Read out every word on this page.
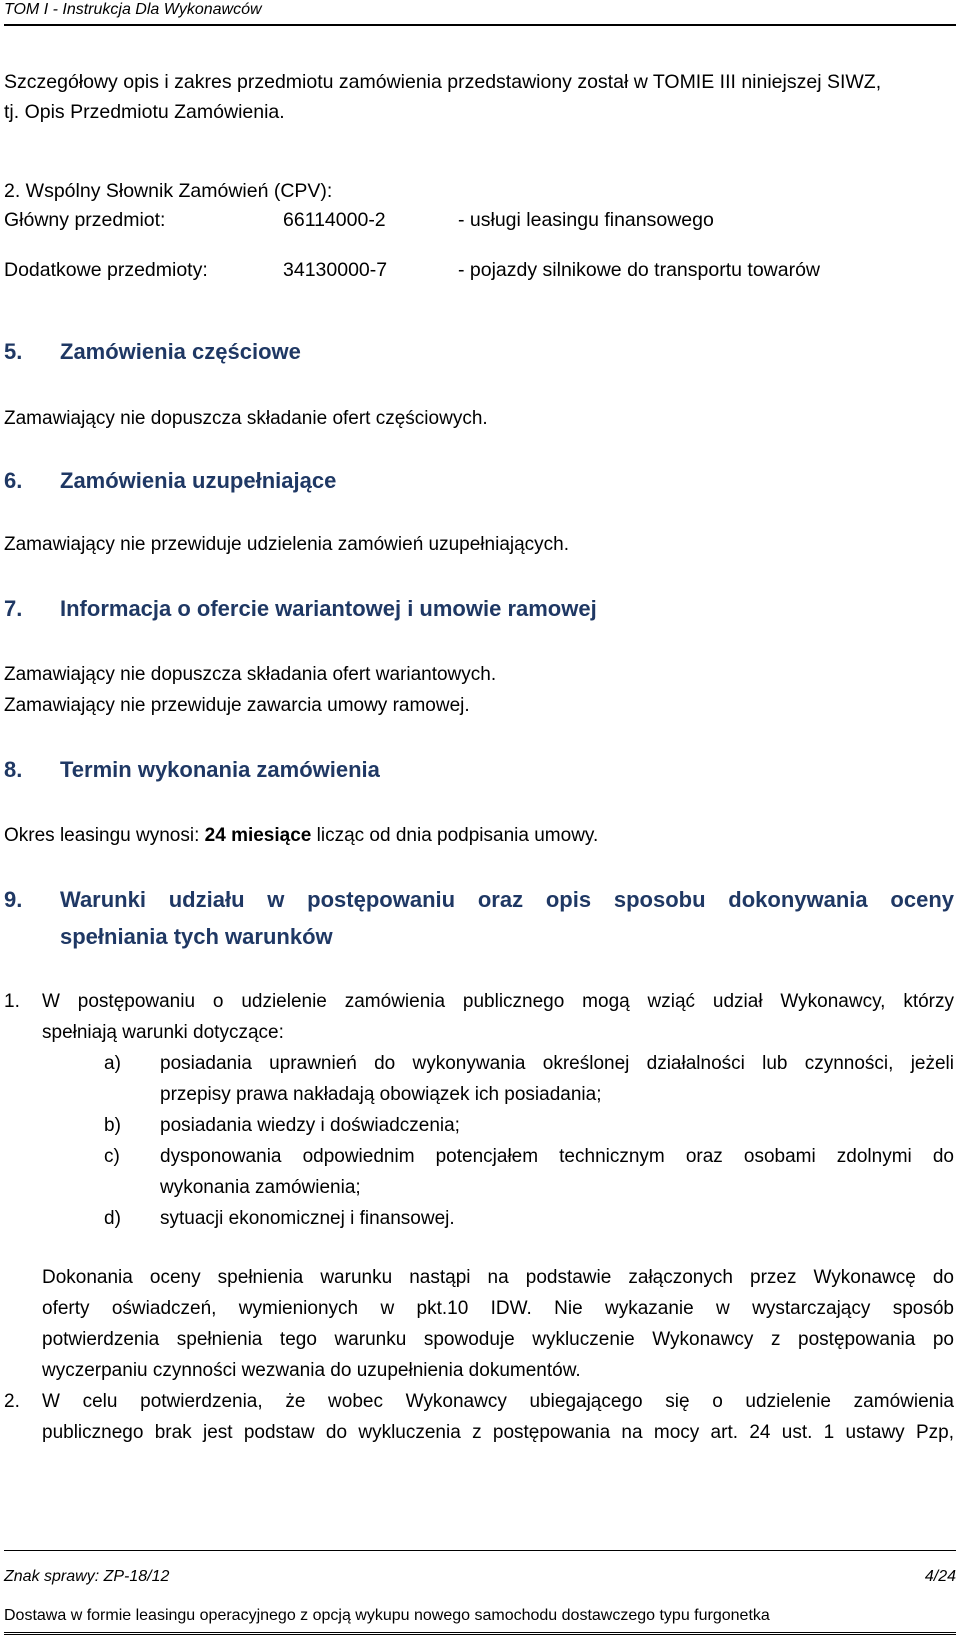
TOM I - Instrukcja Dla Wykonawców
Szczegółowy opis i zakres przedmiotu zamówienia przedstawiony został w TOMIE III niniejszej SIWZ,
tj. Opis Przedmiotu Zamówienia.
2. Wspólny Słownik Zamówień (CPV):
Główny przedmiot:	66114000-2	- usługi leasingu finansowego
Dodatkowe przedmioty:	34130000-7	- pojazdy silnikowe do transportu towarów
5. Zamówienia częściowe
Zamawiający nie dopuszcza składanie ofert częściowych.
6. Zamówienia uzupełniające
Zamawiający nie przewiduje udzielenia zamówień uzupełniających.
7. Informacja o ofercie wariantowej i umowie ramowej
Zamawiający nie dopuszcza składania ofert wariantowych.
Zamawiający nie przewiduje zawarcia umowy ramowej.
8. Termin wykonania zamówienia
Okres leasingu wynosi: 24 miesiące licząc od dnia podpisania umowy.
9. Warunki udziału w postępowaniu oraz opis sposobu dokonywania oceny
spełniania tych warunków
1. W postępowaniu o udzielenie zamówienia publicznego mogą wziąć udział Wykonawcy, którzy
spełniają warunki dotyczące:
a) posiadania uprawnień do wykonywania określonej działalności lub czynności, jeżeli
przepisy prawa nakładają obowiązek ich posiadania;
b) posiadania wiedzy i doświadczenia;
c) dysponowania odpowiednim potencjałem technicznym oraz osobami zdolnymi do
wykonania zamówienia;
d) sytuacji ekonomicznej i finansowej.
Dokonania oceny spełnienia warunku nastąpi na podstawie załączonych przez Wykonawcę do
oferty oświadczeń, wymienionych w pkt.10 IDW. Nie wykazanie w wystarczający sposób
potwierdzenia spełnienia tego warunku spowoduje wykluczenie Wykonawcy z postępowania po
wyczerpaniu czynności wezwania do uzupełnienia dokumentów.
2. W celu potwierdzenia, że wobec Wykonawcy ubiegającego się o udzielenie zamówienia
publicznego brak jest podstaw do wykluczenia z postępowania na mocy art. 24 ust. 1 ustawy Pzp,
Znak sprawy: ZP-18/12	4/24
Dostawa w formie leasingu operacyjnego z opcją wykupu nowego samochodu dostawczego typu furgonetka
